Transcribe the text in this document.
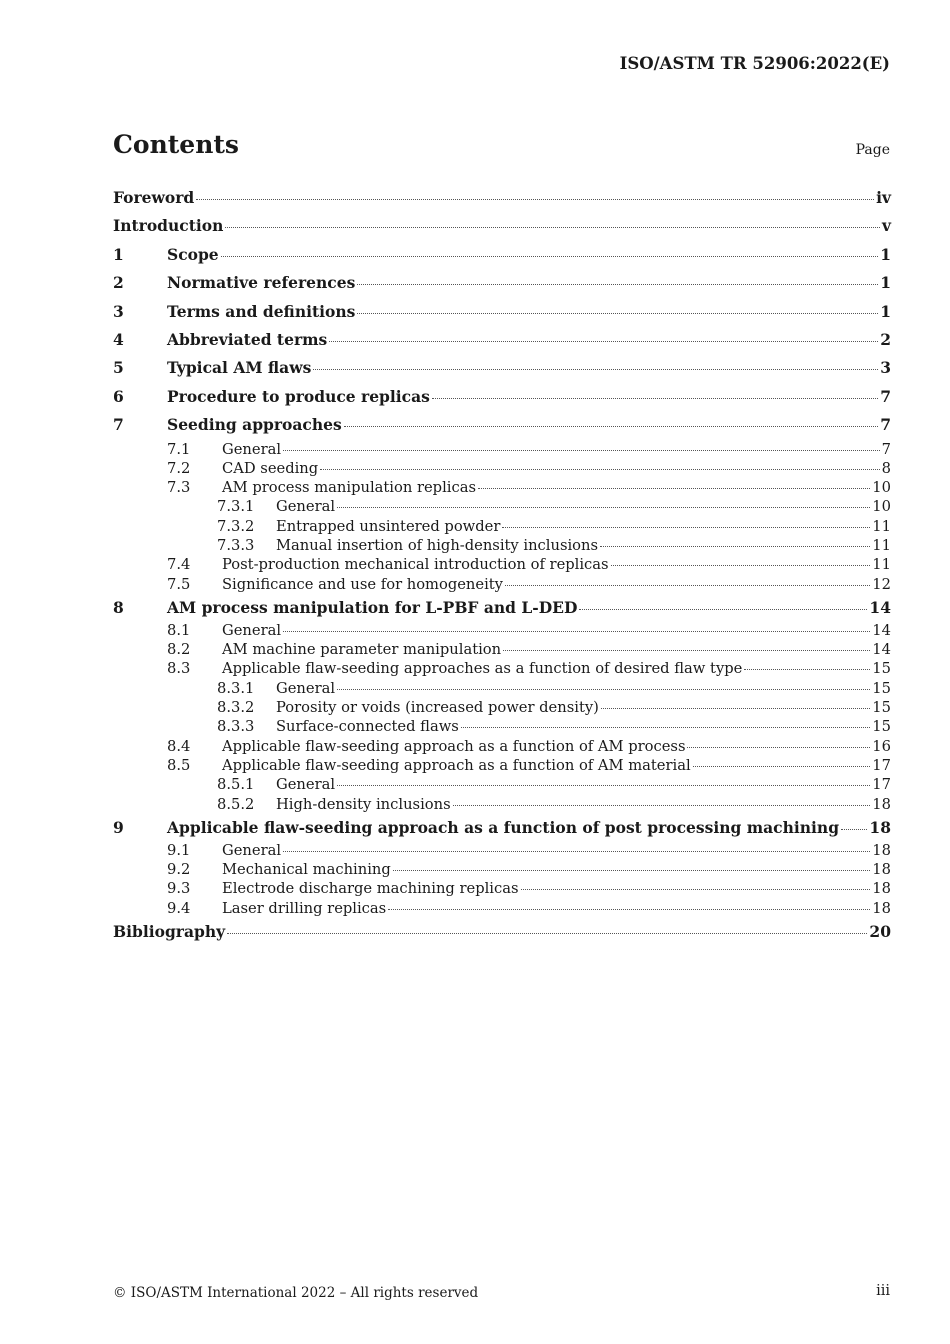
ISO/ASTM TR 52906:2022(E)
Contents	Page
Foreword	iv
Introduction	v
1	Scope	1
2	Normative references	1
3	Terms and definitions	1
4	Abbreviated terms	2
5	Typical AM flaws	3
6	Procedure to produce replicas	7
7	Seeding approaches	7
7.1	General	7
7.2	CAD seeding	8
7.3	AM process manipulation replicas	10
7.3.1	General	10
7.3.2	Entrapped unsintered powder	11
7.3.3	Manual insertion of high-density inclusions	11
7.4	Post-production mechanical introduction of replicas	11
7.5	Significance and use for homogeneity	12
8	AM process manipulation for L-PBF and L-DED	14
8.1	General	14
8.2	AM machine parameter manipulation	14
8.3	Applicable flaw-seeding approaches as a function of desired flaw type	15
8.3.1	General	15
8.3.2	Porosity or voids (increased power density)	15
8.3.3	Surface-connected flaws	15
8.4	Applicable flaw-seeding approach as a function of AM process	16
8.5	Applicable flaw-seeding approach as a function of AM material	17
8.5.1	General	17
8.5.2	High-density inclusions	18
9	Applicable flaw-seeding approach as a function of post processing machining 18
9.1	General	18
9.2	Mechanical machining	18
9.3	Electrode discharge machining replicas	18
9.4	Laser drilling replicas	18
Bibliography	20
© ISO/ASTM International 2022 – All rights reserved	iii
